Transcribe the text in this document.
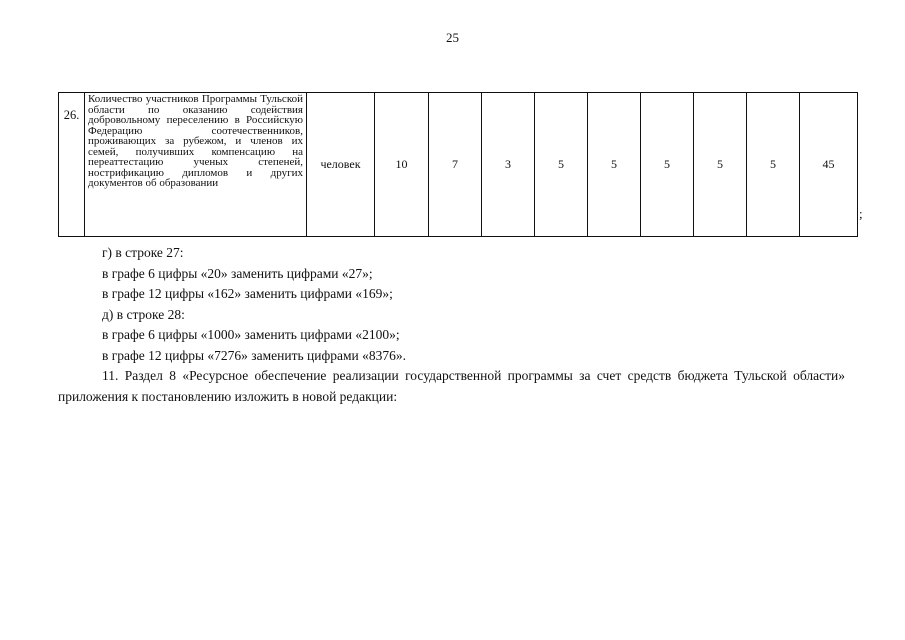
25
26.	Количество участников Программы Тульской области по оказанию содействия добровольному переселению в Российскую Федерацию соотечественников, проживающих за рубежом, и членов их семей, получивших компенсацию на переаттестацию ученых степеней, нострификацию дипломов и других документов об образовании	человек	10	7	3	5	5	5	5	5	45
;

г) в строке 27:

в графе 6 цифры «20» заменить цифрами «27»;

в графе 12 цифры «162» заменить цифрами «169»;

д) в строке 28:

в графе 6 цифры «1000» заменить цифрами «2100»;

в графе 12 цифры «7276» заменить цифрами «8376».

11. Раздел 8 «Ресурсное обеспечение реализации государственной программы за счет средств бюджета Тульской области» приложения к постановлению изложить в новой редакции:
